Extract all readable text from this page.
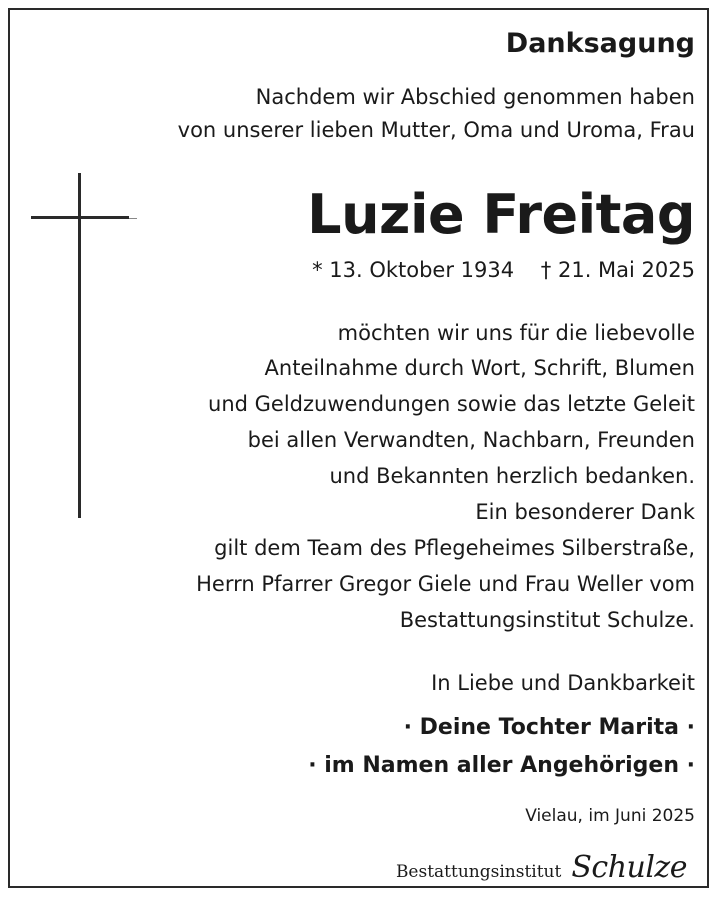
Danksagung
Nachdem wir Abschied genommen haben
von unserer lieben Mutter, Oma und Uroma, Frau
Luzie Freitag
* 13. Oktober 1934    † 21. Mai 2025
möchten wir uns für die liebevolle
Anteilnahme durch Wort, Schrift, Blumen
und Geldzuwendungen sowie das letzte Geleit
bei allen Verwandten, Nachbarn, Freunden
und Bekannten herzlich bedanken.
Ein besonderer Dank
gilt dem Team des Pflegeheimes Silberstraße,
Herrn Pfarrer Gregor Giele und Frau Weller vom
Bestattungsinstitut Schulze.
In Liebe und Dankbarkeit
· Deine Tochter Marita ·
· im Namen aller Angehörigen ·
Vielau, im Juni 2025
Bestattungsinstitut Schulze
